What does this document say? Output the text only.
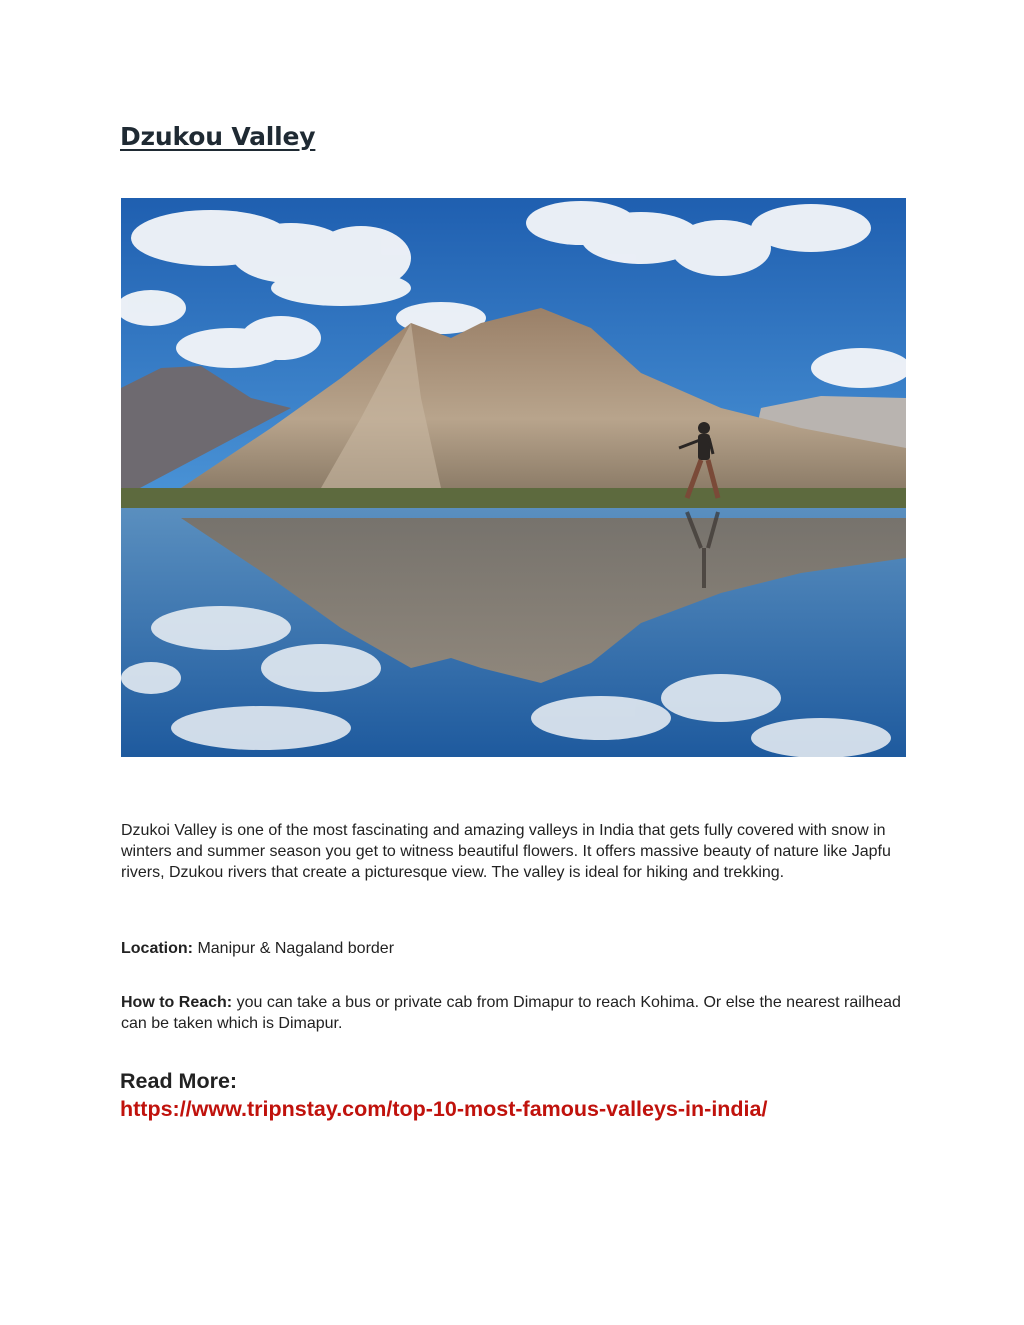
Dzukou Valley

Dzukoi Valley is one of the most fascinating and amazing valleys in India that gets fully covered with snow in winters and summer season you get to witness beautiful flowers. It offers massive beauty of nature like Japfu rivers, Dzukou rivers that create a picturesque view. The valley is ideal for hiking and trekking.

Location: Manipur & Nagaland border

How to Reach: you can take a bus or private cab from Dimapur to reach Kohima. Or else the nearest railhead can be taken which is Dimapur.

Read More:
https://www.tripnstay.com/top-10-most-famous-valleys-in-india/
